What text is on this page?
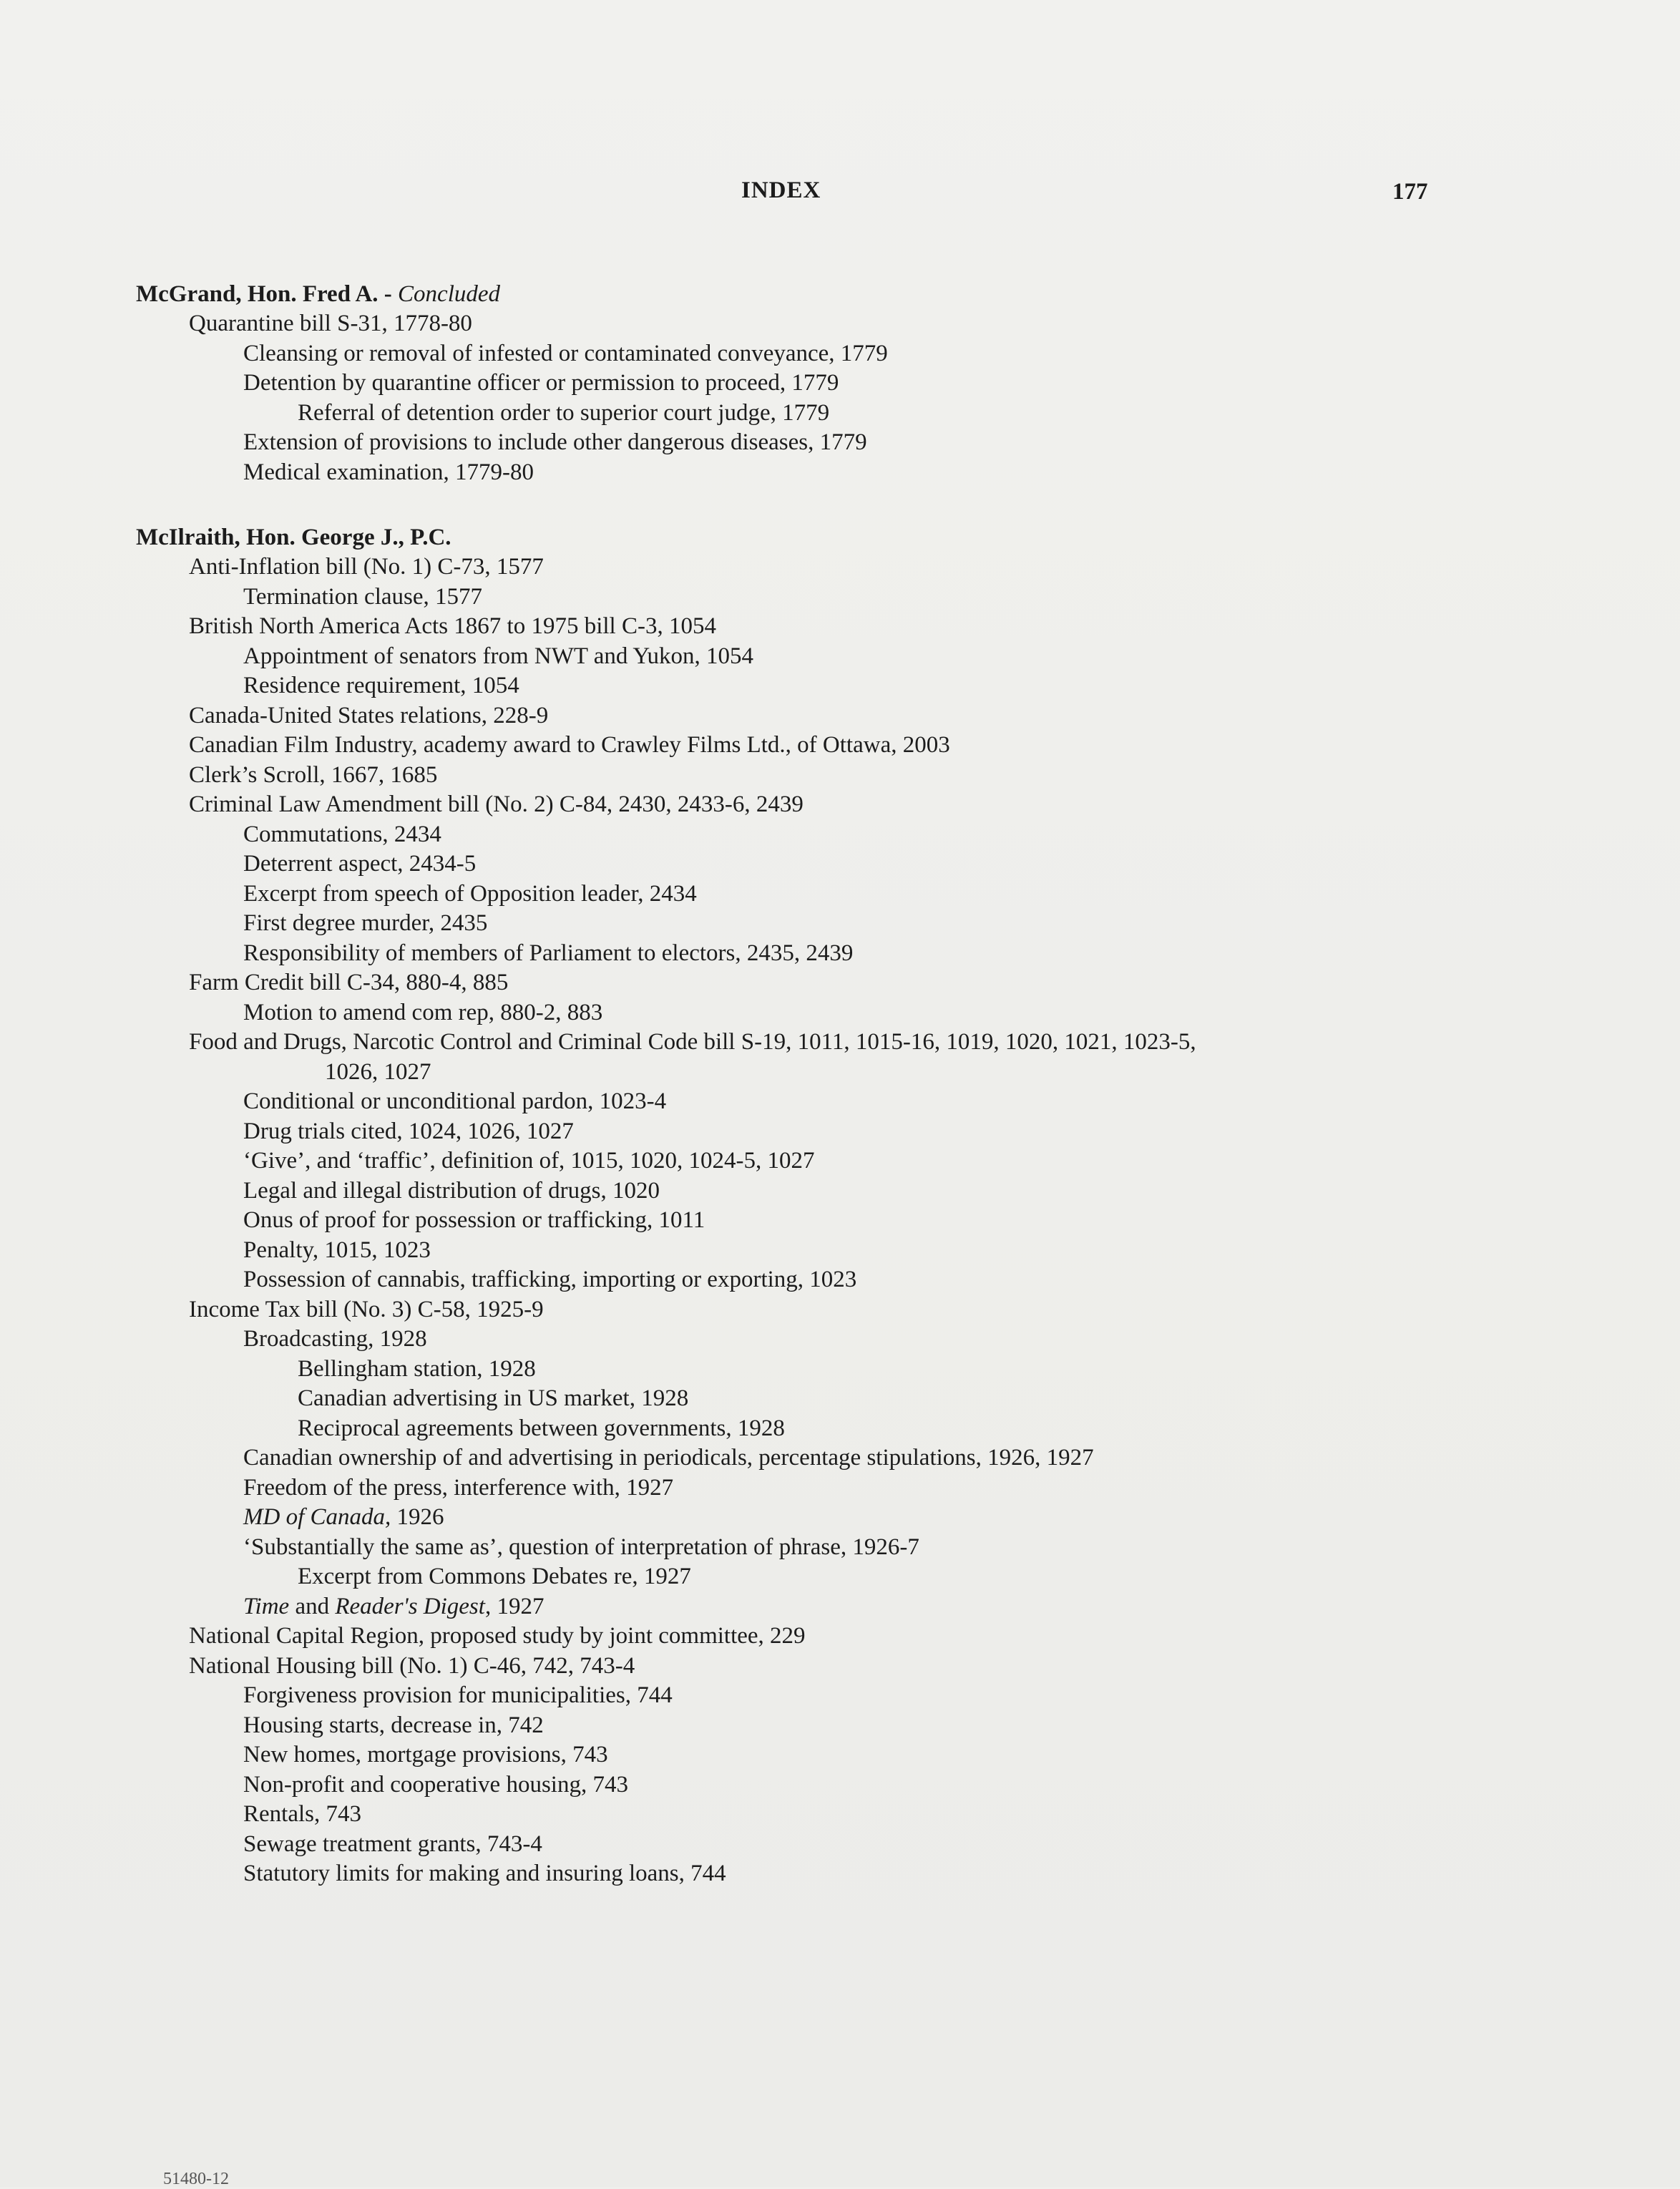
INDEX	177
McGrand, Hon. Fred A. - Concluded
Quarantine bill S-31, 1778-80
Cleansing or removal of infested or contaminated conveyance, 1779
Detention by quarantine officer or permission to proceed, 1779
Referral of detention order to superior court judge, 1779
Extension of provisions to include other dangerous diseases, 1779
Medical examination, 1779-80
McIlraith, Hon. George J., P.C.
Anti-Inflation bill (No. 1) C-73, 1577
Termination clause, 1577
British North America Acts 1867 to 1975 bill C-3, 1054
Appointment of senators from NWT and Yukon, 1054
Residence requirement, 1054
Canada-United States relations, 228-9
Canadian Film Industry, academy award to Crawley Films Ltd., of Ottawa, 2003
Clerk’s Scroll, 1667, 1685
Criminal Law Amendment bill (No. 2) C-84, 2430, 2433-6, 2439
Commutations, 2434
Deterrent aspect, 2434-5
Excerpt from speech of Opposition leader, 2434
First degree murder, 2435
Responsibility of members of Parliament to electors, 2435, 2439
Farm Credit bill C-34, 880-4, 885
Motion to amend com rep, 880-2, 883
Food and Drugs, Narcotic Control and Criminal Code bill S-19, 1011, 1015-16, 1019, 1020, 1021, 1023-5,
1026, 1027
Conditional or unconditional pardon, 1023-4
Drug trials cited, 1024, 1026, 1027
‘Give’, and ‘traffic’, definition of, 1015, 1020, 1024-5, 1027
Legal and illegal distribution of drugs, 1020
Onus of proof for possession or trafficking, 1011
Penalty, 1015, 1023
Possession of cannabis, trafficking, importing or exporting, 1023
Income Tax bill (No. 3) C-58, 1925-9
Broadcasting, 1928
Bellingham station, 1928
Canadian advertising in US market, 1928
Reciprocal agreements between governments, 1928
Canadian ownership of and advertising in periodicals, percentage stipulations, 1926, 1927
Freedom of the press, interference with, 1927
MD of Canada, 1926
‘Substantially the same as’, question of interpretation of phrase, 1926-7
Excerpt from Commons Debates re, 1927
Time and Reader's Digest, 1927
National Capital Region, proposed study by joint committee, 229
National Housing bill (No. 1) C-46, 742, 743-4
Forgiveness provision for municipalities, 744
Housing starts, decrease in, 742
New homes, mortgage provisions, 743
Non-profit and cooperative housing, 743
Rentals, 743
Sewage treatment grants, 743-4
Statutory limits for making and insuring loans, 744
51480-12
